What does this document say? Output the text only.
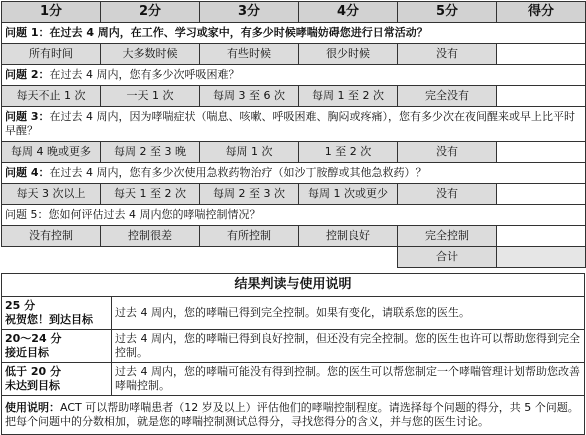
1分	2分	3分	4分	5分	得分
问题 1：在过去 4 周内，在工作、学习或家中，有多少时候哮喘妨碍您进行日常活动？					
所有时间	大多数时候	有些时候	很少时候	没有	
问题 2：在过去 4 周内，您有多少次呼吸困难？					
每天不止 1 次	一天 1 次	每周 3 至 6 次	每周 1 至 2 次	完全没有	
问题 3：在过去 4 周内，因为哮喘症状（喘息、咳嗽、呼吸困难、胸闷或疼痛），您有多少次在夜间醒来或早上比平时早醒？					
每周 4 晚或更多	每周 2 至 3 晚	每周 1 次	1 至 2 次	没有	
问题 4：在过去 4 周内，您有多少次使用急救药物治疗（如沙丁胺醇或其他急救药）？					
每天 3 次以上	每天 1 至 2 次	每周 2 至 3 次	每周 1 次或更少	没有	
问题 5：您如何评估过去 4 周内您的哮喘控制情况？					
没有控制	控制很差	有所控制	控制良好	完全控制	
				合计	
结果判读与使用说明	

25 分
祝贺您！到达目标	过去 4 周内，您的哮喘已得到完全控制。如果有变化，请联系您的医生。

20～24 分
接近目标	过去 4 周内，您的哮喘已得到良好控制，但还没有完全控制。您的医生也许可以帮助您得到完全控制。

低于 20 分
未达到目标	过去 4 周内，您的哮喘可能没有得到控制。您的医生可以帮您制定一个哮喘管理计划帮助您改善哮喘控制。
使用说明：ACT 可以帮助哮喘患者（12 岁及以上）评估他们的哮喘控制程度。请选择每个问题的得分，共 5 个问题。把每个问题中的分数相加，就是您的哮喘控制测试总得分，寻找您得分的含义，并与您的医生讨论。	
